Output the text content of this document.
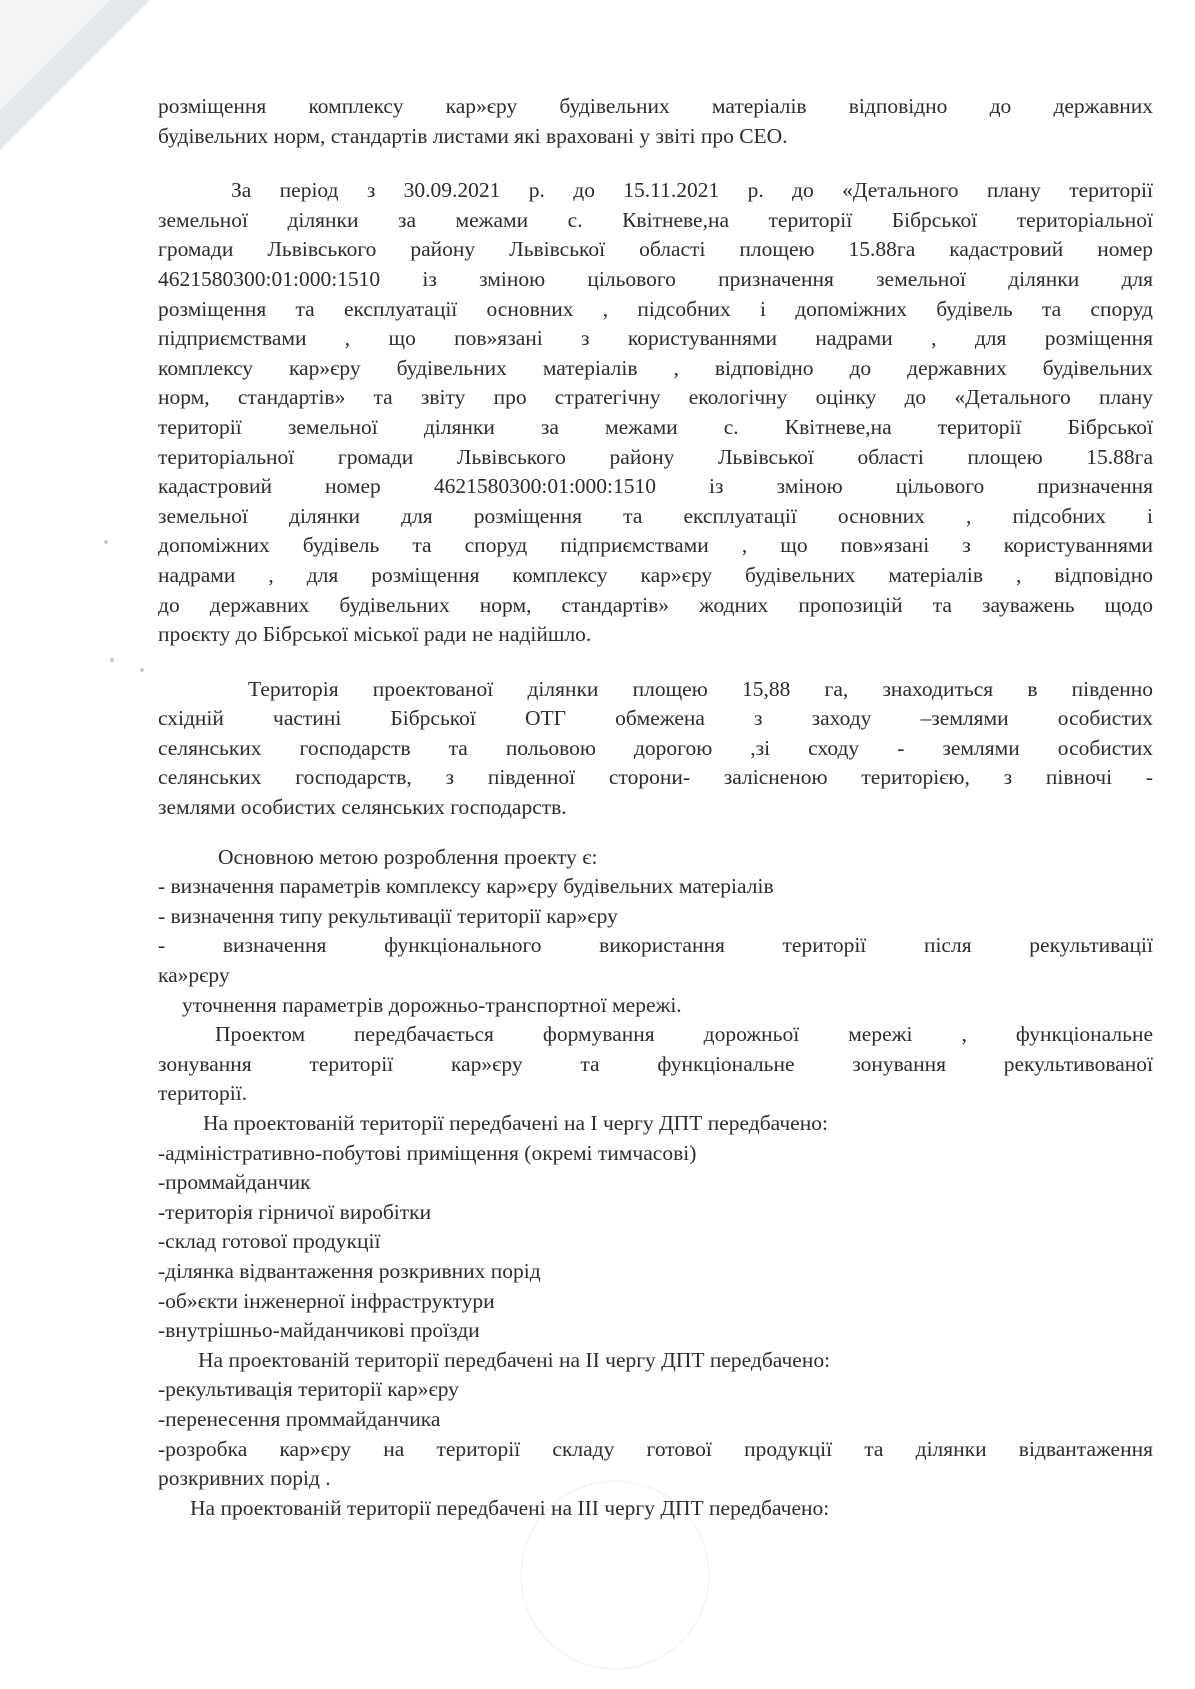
розміщення комплексу кар»єру будівельних матеріалів відповідно до державних
будівельних норм, стандартів листами які враховані у звіті про СЕО.
За період з 30.09.2021 р. до 15.11.2021 р. до «Детального плану території
земельної ділянки за межами с. Квітневе,на території Бібрської територіальної
громади Львівського району Львівської області площею 15.88га кадастровий номер
4621580300:01:000:1510 із зміною цільового призначення земельної ділянки для
розміщення та експлуатації основних , підсобних і допоміжних будівель та споруд
підприємствами , що пов»язані з користуваннями надрами , для розміщення
комплексу кар»єру будівельних матеріалів , відповідно до державних будівельних
норм, стандартів» та звіту про стратегічну екологічну оцінку до «Детального плану
території земельної ділянки за межами с. Квітневе,на території Бібрської
територіальної громади Львівського району Львівської області площею 15.88га
кадастровий номер 4621580300:01:000:1510 із зміною цільового призначення
земельної ділянки для розміщення та експлуатації основних , підсобних і
допоміжних будівель та споруд підприємствами , що пов»язані з користуваннями
надрами , для розміщення комплексу кар»єру будівельних матеріалів , відповідно
до державних будівельних норм, стандартів» жодних пропозицій та зауважень щодо
проєкту до Бібрської міської ради не надійшло.
Територія проектованої ділянки площею 15,88 га, знаходиться в південно
східній частині Бібрської ОТГ обмежена з заходу –землями особистих
селянських господарств та польовою дорогою ,зі сходу - землями особистих
селянських господарств, з південної сторони- залісненою територією, з півночі -
землями особистих селянських господарств.
Основною метою розроблення проекту є:
- визначення параметрів комплексу кар»єру будівельних матеріалів
- визначення типу рекультивації території кар»єру
- визначення функціонального використання території після рекультивації
ка»рєру
уточнення параметрів дорожньо-транспортної мережі.
Проектом передбачається формування дорожньої мережі , функціональне
зонування території кар»єру та функціональне зонування рекультивованої
території.
На проектованій території передбачені на І чергу ДПТ передбачено:
-адміністративно-побутові приміщення (окремі тимчасові)
-проммайданчик
-територія гірничої виробітки
-склад готової продукції
-ділянка відвантаження розкривних порід
-об»єкти інженерної інфраструктури
-внутрішньо-майданчикові проїзди
На проектованій території передбачені на ІІ чергу ДПТ передбачено:
-рекультивація території кар»єру
-перенесення проммайданчика
-розробка кар»єру на території складу готової продукції та ділянки відвантаження
розкривних порід .
На проектованій території передбачені на ІІІ чергу ДПТ передбачено:
